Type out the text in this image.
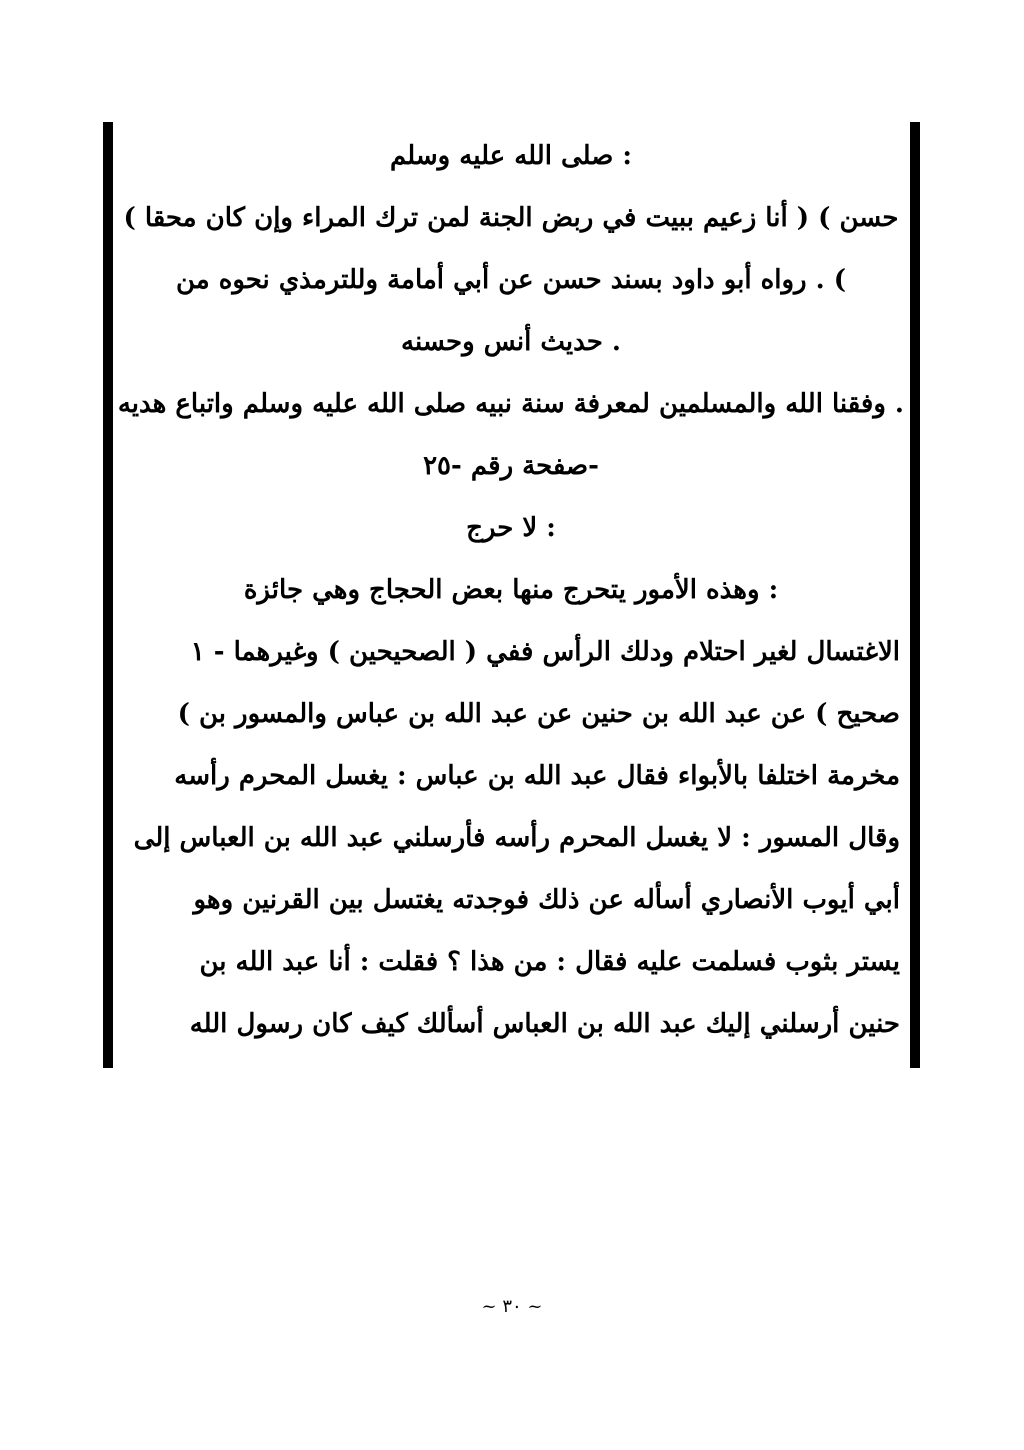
: صلى الله عليه وسلم
حسن ) ( أنا زعيم ببيت في ربض الجنة لمن ترك المراء وإن كان محقا )
) . رواه أبو داود بسند حسن عن أبي أمامة وللترمذي نحوه من
. حديث أنس وحسنه
. وفقنا الله والمسلمين لمعرفة سنة نبيه صلى الله عليه وسلم واتباع هديه
-صفحة رقم -٢٥
: لا حرج
: وهذه الأمور يتحرج منها بعض الحجاج وهي جائزة
الاغتسال لغير احتلام ودلك الرأس ففي ( الصحيحين ) وغيرهما - ١
صحيح ) عن عبد الله بن حنين عن عبد الله بن عباس والمسور بن )
مخرمة اختلفا بالأبواء فقال عبد الله بن عباس : يغسل المحرم رأسه
وقال المسور : لا يغسل المحرم رأسه فأرسلني عبد الله بن العباس إلى
أبي أيوب الأنصاري أسأله عن ذلك فوجدته يغتسل بين القرنين وهو
يستر بثوب فسلمت عليه فقال : من هذا ؟ فقلت : أنا عبد الله بن
حنين أرسلني إليك عبد الله بن العباس أسألك كيف كان رسول الله
~ ٣٠ ~
